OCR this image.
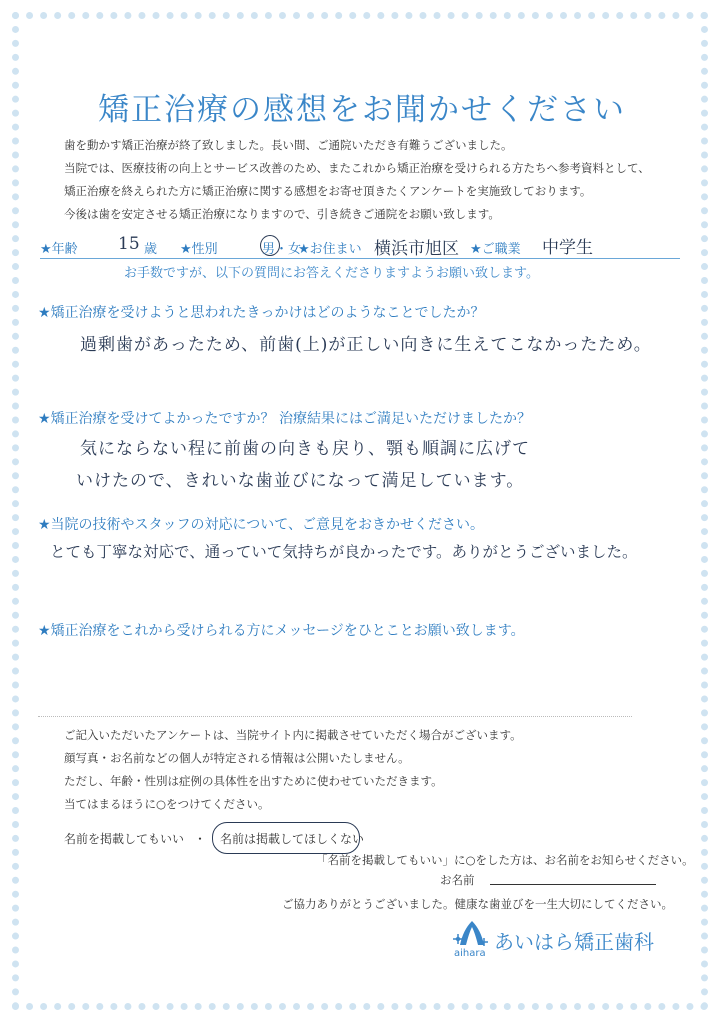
矯正治療の感想をお聞かせください

歯を動かす矯正治療が終了致しました。長い間、ご通院いただき有難うございました。

当院では、医療技術の向上とサービス改善のため、またこれから矯正治療を受けられる方たちへ参考資料として、

矯正治療を終えられた方に矯正治療に関する感想をお寄せ頂きたくアンケートを実施致しております。

今後は歯を安定させる矯正治療になりますので、引き続きご通院をお願い致します。

★年齢 15 歳 ★性別	男・女
★お住まい 横浜市旭区 ★ご職業 中学生
お手数ですが、以下の質問にお答えくださりますようお願い致します。
★矯正治療を受けようと思われたきっかけはどのようなことでしたか？
過剰歯があったため、前歯(上)が正しい向きに生えてこなかったため。
★矯正治療を受けてよかったですか？ 治療結果にはご満足いただけましたか？
気にならない程に前歯の向きも戻り、顎も順調に広げて
いけたので、きれいな歯並びになって満足しています。
★当院の技術やスタッフの対応について、ご意見をおきかせください。
とても丁寧な対応で、通っていて気持ちが良かったです。ありがとうございました。
★矯正治療をこれから受けられる方にメッセージをひとことお願い致します。

ご記入いただいたアンケートは、当院サイト内に掲載させていただく場合がございます。

顔写真・お名前などの個人が特定される情報は公開いたしません。

ただし、年齢・性別は症例の具体性を出すために使わせていただきます。

当てはまるほうに○をつけてください。

名前を掲載してもいい ・ 名前は掲載してほしくない
「名前を掲載してもいい」に○をした方は、お名前をお知らせください。
お名前
ご協力ありがとうございました。健康な歯並びを一生大切にしてください。
あいはら矯正歯科
aihara
